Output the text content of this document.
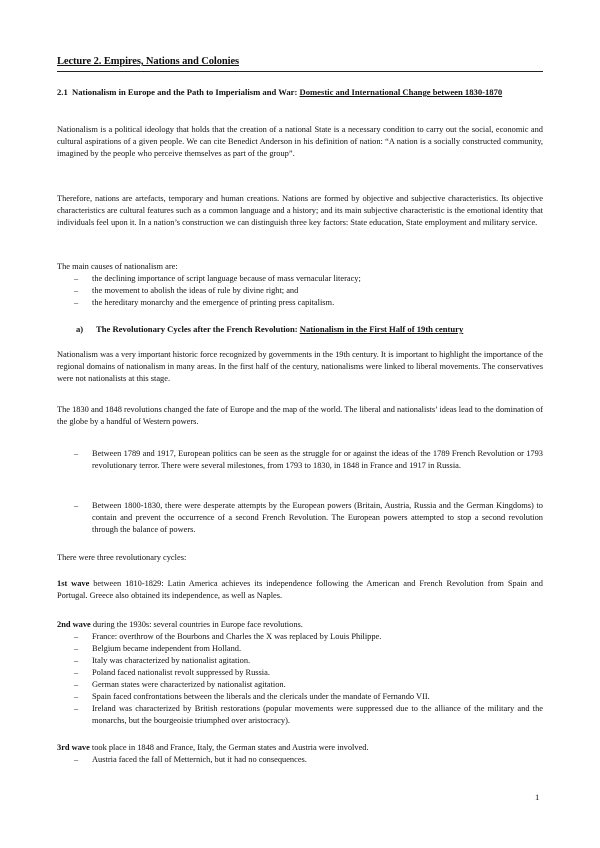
Lecture 2. Empires, Nations and Colonies
2.1 Nationalism in Europe and the Path to Imperialism and War: Domestic and International Change between 1830-1870
Nationalism is a political ideology that holds that the creation of a national State is a necessary condition to carry out the social, economic and cultural aspirations of a given people. We can cite Benedict Anderson in his definition of nation: “A nation is a socially constructed community, imagined by the people who perceive themselves as part of the group”.
Therefore, nations are artefacts, temporary and human creations. Nations are formed by objective and subjective characteristics. Its objective characteristics are cultural features such as a common language and a history; and its main subjective characteristic is the emotional identity that individuals feel upon it. In a nation’s construction we can distinguish three key factors: State education, State employment and military service.
The main causes of nationalism are:
– the declining importance of script language because of mass vernacular literacy;
– the movement to abolish the ideas of rule by divine right; and
– the hereditary monarchy and the emergence of printing press capitalism.
a) The Revolutionary Cycles after the French Revolution: Nationalism in the First Half of 19th century
Nationalism was a very important historic force recognized by governments in the 19th century. It is important to highlight the importance of the regional domains of nationalism in many areas. In the first half of the century, nationalisms were linked to liberal movements. The conservatives were not nationalists at this stage.
The 1830 and 1848 revolutions changed the fate of Europe and the map of the world. The liberal and nationalists’ ideas lead to the domination of the globe by a handful of Western powers.
– Between 1789 and 1917, European politics can be seen as the struggle for or against the ideas of the 1789 French Revolution or 1793 revolutionary terror. There were several milestones, from 1793 to 1830, in 1848 in France and 1917 in Russia.
– Between 1800-1830, there were desperate attempts by the European powers (Britain, Austria, Russia and the German Kingdoms) to contain and prevent the occurrence of a second French Revolution. The European powers attempted to stop a second revolution through the balance of powers.
There were three revolutionary cycles:
1st wave between 1810-1829: Latin America achieves its independence following the American and French Revolution from Spain and Portugal. Greece also obtained its independence, as well as Naples.
2nd wave during the 1930s: several countries in Europe face revolutions.
– France: overthrow of the Bourbons and Charles the X was replaced by Louis Philippe.
– Belgium became independent from Holland.
– Italy was characterized by nationalist agitation.
– Poland faced nationalist revolt suppressed by Russia.
– German states were characterized by nationalist agitation.
– Spain faced confrontations between the liberals and the clericals under the mandate of Fernando VII.
– Ireland was characterized by British restorations (popular movements were suppressed due to the alliance of the military and the monarchs, but the bourgeoisie triumphed over aristocracy).
3rd wave took place in 1848 and France, Italy, the German states and Austria were involved.
– Austria faced the fall of Metternich, but it had no consequences.
1
